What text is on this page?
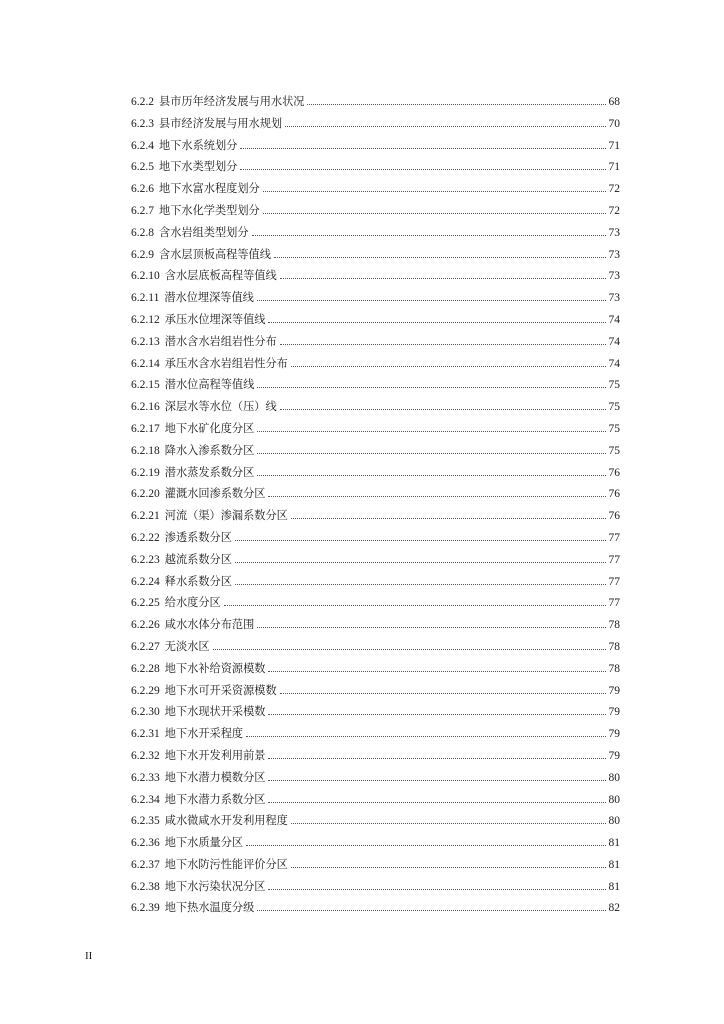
6.2.2 县市历年经济发展与用水状况	68
6.2.3 县市经济发展与用水规划	70
6.2.4 地下水系统划分	71
6.2.5 地下水类型划分	71
6.2.6 地下水富水程度划分	72
6.2.7 地下水化学类型划分	72
6.2.8 含水岩组类型划分	73
6.2.9 含水层顶板高程等值线	73
6.2.10 含水层底板高程等值线	73
6.2.11 潜水位埋深等值线	73
6.2.12 承压水位埋深等值线	74
6.2.13 潜水含水岩组岩性分布	74
6.2.14 承压水含水岩组岩性分布	74
6.2.15 潜水位高程等值线	75
6.2.16 深层水等水位（压）线	75
6.2.17 地下水矿化度分区	75
6.2.18 降水入渗系数分区	75
6.2.19 潜水蒸发系数分区	76
6.2.20 灌溉水回渗系数分区	76
6.2.21 河流（渠）渗漏系数分区	76
6.2.22 渗透系数分区	77
6.2.23 越流系数分区	77
6.2.24 释水系数分区	77
6.2.25 给水度分区	77
6.2.26 咸水水体分布范围	78
6.2.27 无淡水区	78
6.2.28 地下水补给资源模数	78
6.2.29 地下水可开采资源模数	79
6.2.30 地下水现状开采模数	79
6.2.31 地下水开采程度	79
6.2.32 地下水开发利用前景	79
6.2.33 地下水潜力模数分区	80
6.2.34 地下水潜力系数分区	80
6.2.35 咸水微咸水开发利用程度	80
6.2.36 地下水质量分区	81
6.2.37 地下水防污性能评价分区	81
6.2.38 地下水污染状况分区	81
6.2.39 地下热水温度分级	82
II
